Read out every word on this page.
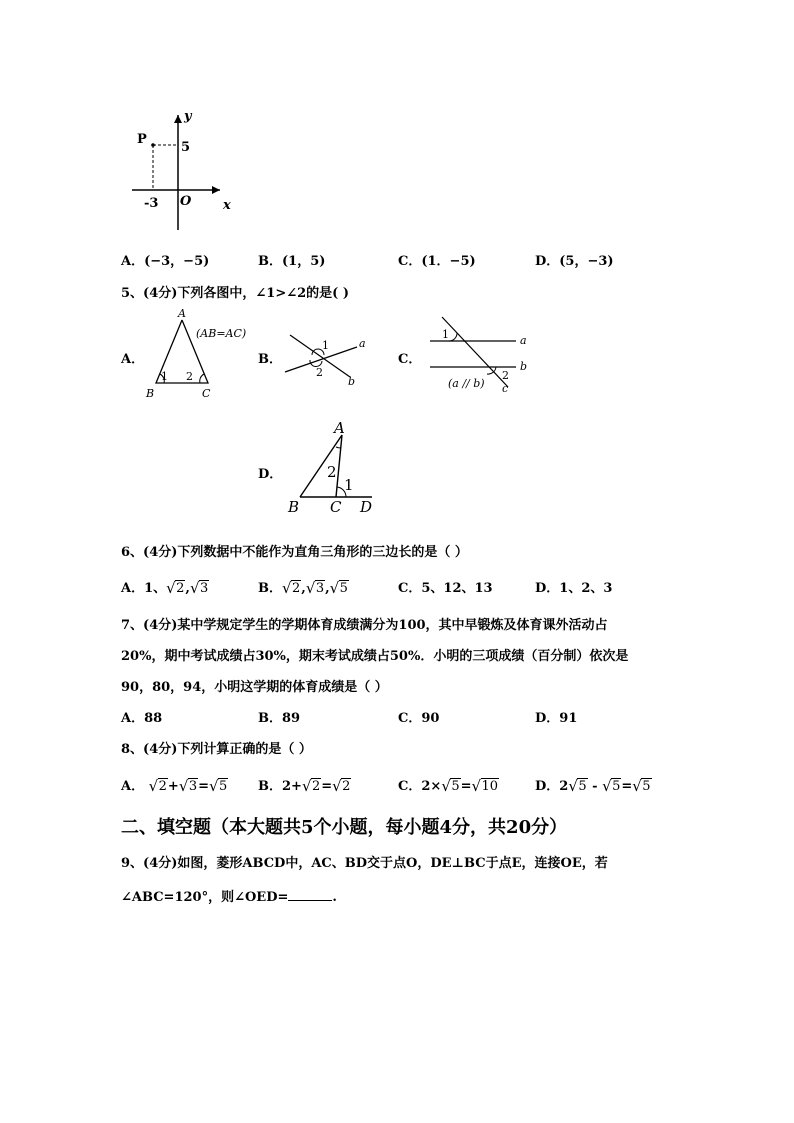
y
x
O
P
5
-3
A．(−3，−5)	B．(1，5)	C．(1．−5)	D．(5，−3)
5、(4分)下列各图中，∠1>∠2的是( )
A．
A
(AB=AC)
1 2
B	C
B．
1
2
a
b
C．
1
2
a
b
c
(a // b)
D．
A
2
1
B C D
6、(4分)下列数据中不能作为直角三角形的三边长的是（ ）
A．1、 √ 2, √ 3	B． √ 2, √ 3, √ 5	C．5、12、13	D．1、2、3
7、(4分)某中学规定学生的学期体育成绩满分为100，其中早锻炼及体育课外活动占
20%，期中考试成绩占30%，期末考试成绩占50%．小明的三项成绩（百分制）依次是
90，80，94，小明这学期的体育成绩是（ ）
A．88	B．89	C．90	D．91
8、(4分)下列计算正确的是（ ）
A． √ 2+ √ 3= √ 5 B．2+ √ 2= √ 2	C．2× √ 5= √ 10	D．2 √ 5 - √ 5= √ 5
二、填空题（本大题共5个小题，每小题4分，共20分）
9、(4分)如图，菱形ABCD中，AC、BD交于点O，DE⊥BC于点E，连接OE，若
∠ABC=120°，则∠OED=	.
